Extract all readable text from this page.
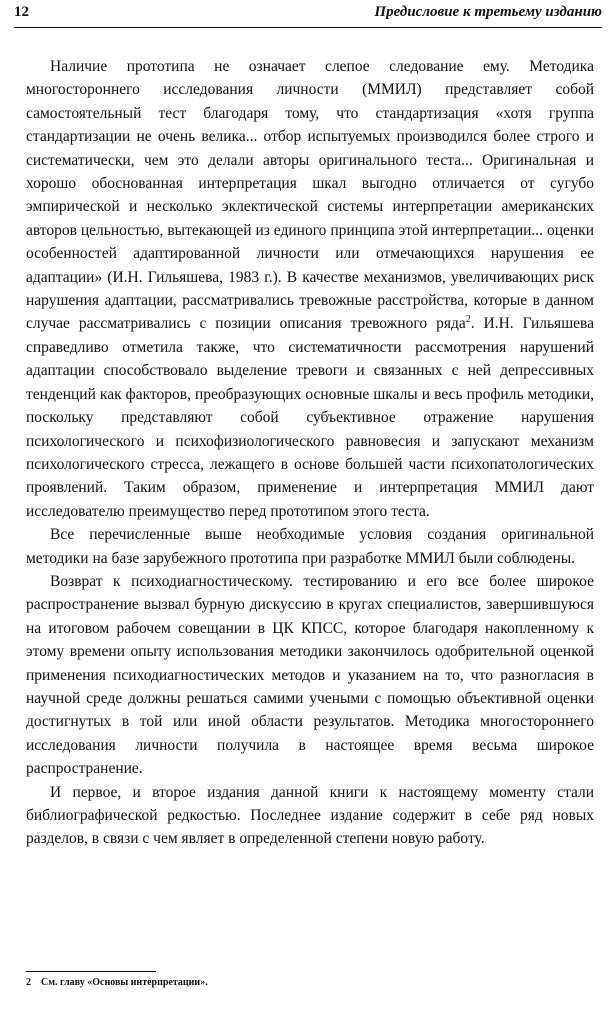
12	Предисловие к третьему изданию

Наличие прототипа не означает слепое следование ему. Методика многостороннего исследования личности (ММИЛ) представляет собой самостоятельный тест благодаря тому, что стандартизация «хотя группа стандартизации не очень велика... отбор испытуемых производился более строго и систематически, чем это делали авторы оригинального теста... Оригинальная и хорошо обоснованная интерпретация шкал выгодно отличается от сугубо эмпирической и несколько эклектической системы интерпретации американских авторов цельностью, вытекающей из единого принципа этой интерпретации... оценки особенностей адаптированной личности или отмечающихся нарушения ее адаптации» (И.Н. Гильяшева, 1983 г.). В качестве механизмов, увеличивающих риск нарушения адаптации, рассматривались тревожные расстройства, которые в данном случае рассматривались с позиции описания тревожного ряда$^2$. И.Н. Гильяшева справедливо отметила также, что систематичности рассмотрения нарушений адаптации способствовало выделение тревоги и связанных с ней депрессивных тенденций как факторов, преобразующих основные шкалы и весь профиль методики, поскольку представляют собой субъективное отражение нарушения психологического и психофизиологического равновесия и запускают механизм психологического стресса, лежащего в основе большей части психопатологических проявлений. Таким образом, применение и интерпретация ММИЛ дают исследователю преимущество перед прототипом этого теста.

Все перечисленные выше необходимые условия создания оригинальной методики на базе зарубежного прототипа при разработке ММИЛ были соблюдены.

Возврат к психодиагностическому. тестированию и его все более широкое распространение вызвал бурную дискуссию в кругах специалистов, завершившуюся на итоговом рабочем совещании в ЦК КПСС, которое благодаря накопленному к этому времени опыту использования методики закончилось одобрительной оценкой применения психодиагностических методов и указанием на то, что разногласия в научной среде должны решаться самими учеными с помощью объективной оценки достигнутых в той или иной области результатов. Методика многостороннего исследования личности получила в настоящее время весьма широкое распространение.

И первое, и второе издания данной книги к настоящему моменту стали библиографической редкостью. Последнее издание содержит в себе ряд новых разделов, в связи с чем являет в определенной степени новую работу.

2 См. главу «Основы интерпретации».
